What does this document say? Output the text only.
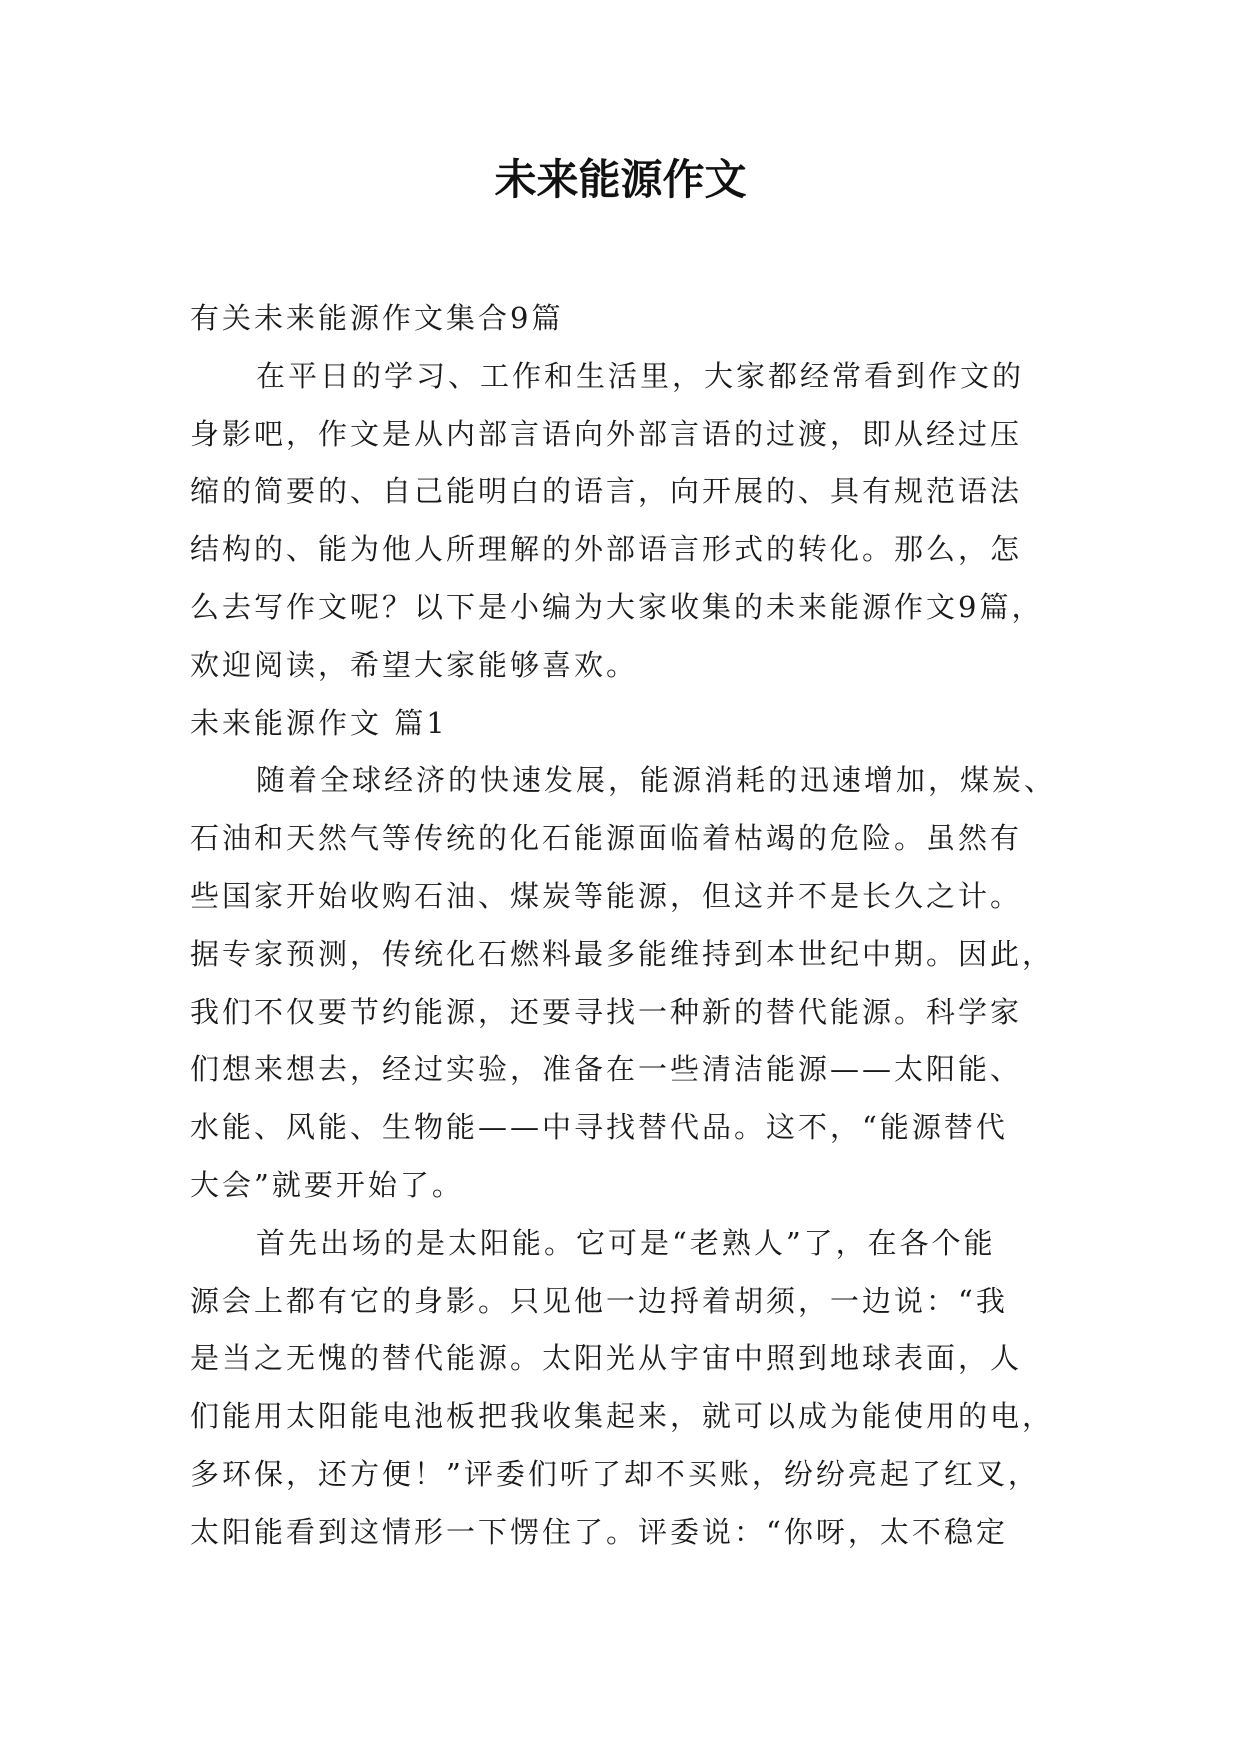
未来能源作文

有关未来能源作文集合9篇

在平日的学习、工作和生活里，大家都经常看到作文的

身影吧，作文是从内部言语向外部言语的过渡，即从经过压

缩的简要的、自己能明白的语言，向开展的、具有规范语法

结构的、能为他人所理解的外部语言形式的转化。那么，怎

么去写作文呢？以下是小编为大家收集的未来能源作文9篇，

欢迎阅读，希望大家能够喜欢。

未来能源作文 篇1

随着全球经济的快速发展，能源消耗的迅速增加，煤炭、

石油和天然气等传统的化石能源面临着枯竭的危险。虽然有

些国家开始收购石油、煤炭等能源，但这并不是长久之计。

据专家预测，传统化石燃料最多能维持到本世纪中期。因此，

我们不仅要节约能源，还要寻找一种新的替代能源。科学家

们想来想去，经过实验，准备在一些清洁能源——太阳能、

水能、风能、生物能——中寻找替代品。这不，“能源替代

大会”就要开始了。

首先出场的是太阳能。它可是“老熟人”了，在各个能

源会上都有它的身影。只见他一边捋着胡须，一边说：“我

是当之无愧的替代能源。太阳光从宇宙中照到地球表面，人

们能用太阳能电池板把我收集起来，就可以成为能使用的电，

多环保，还方便！”评委们听了却不买账，纷纷亮起了红叉，

太阳能看到这情形一下愣住了。评委说：“你呀，太不稳定
